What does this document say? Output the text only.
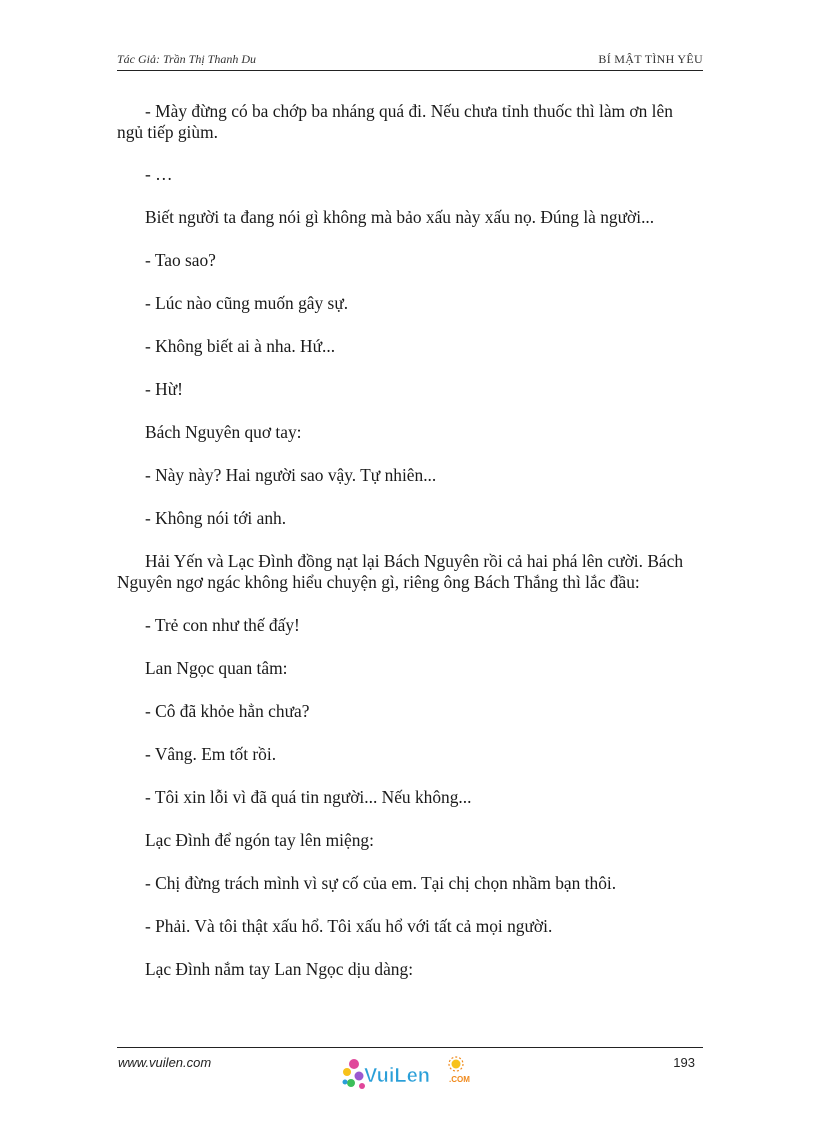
Tác Giả: Trần Thị Thanh Du	BÍ MẬT TÌNH YÊU

- Mày đừng có ba chớp ba nháng quá đi. Nếu chưa tỉnh thuốc thì làm ơn lên ngủ tiếp giùm.

- …

Biết người ta đang nói gì không mà bảo xấu này xấu nọ. Đúng là người...

- Tao sao?

- Lúc nào cũng muốn gây sự.

- Không biết ai à nha. Hứ...

- Hừ!

Bách Nguyên quơ tay:

- Này này? Hai người sao vậy. Tự nhiên...

- Không nói tới anh.

Hải Yến và Lạc Đình đồng nạt lại Bách Nguyên rồi cả hai phá lên cười. Bách Nguyên ngơ ngác không hiểu chuyện gì, riêng ông Bách Thắng thì lắc đầu:

- Trẻ con như thế đấy!

Lan Ngọc quan tâm:

- Cô đã khỏe hẳn chưa?

- Vâng. Em tốt rồi.

- Tôi xin lỗi vì đã quá tin người... Nếu không...

Lạc Đình để ngón tay lên miệng:

- Chị đừng trách mình vì sự cố của em. Tại chị chọn nhầm bạn thôi.

- Phải. Và tôi thật xấu hổ. Tôi xấu hổ với tất cả mọi người.

Lạc Đình nắm tay Lan Ngọc dịu dàng:

www.vuilen.com
VuiLen .COM
193
